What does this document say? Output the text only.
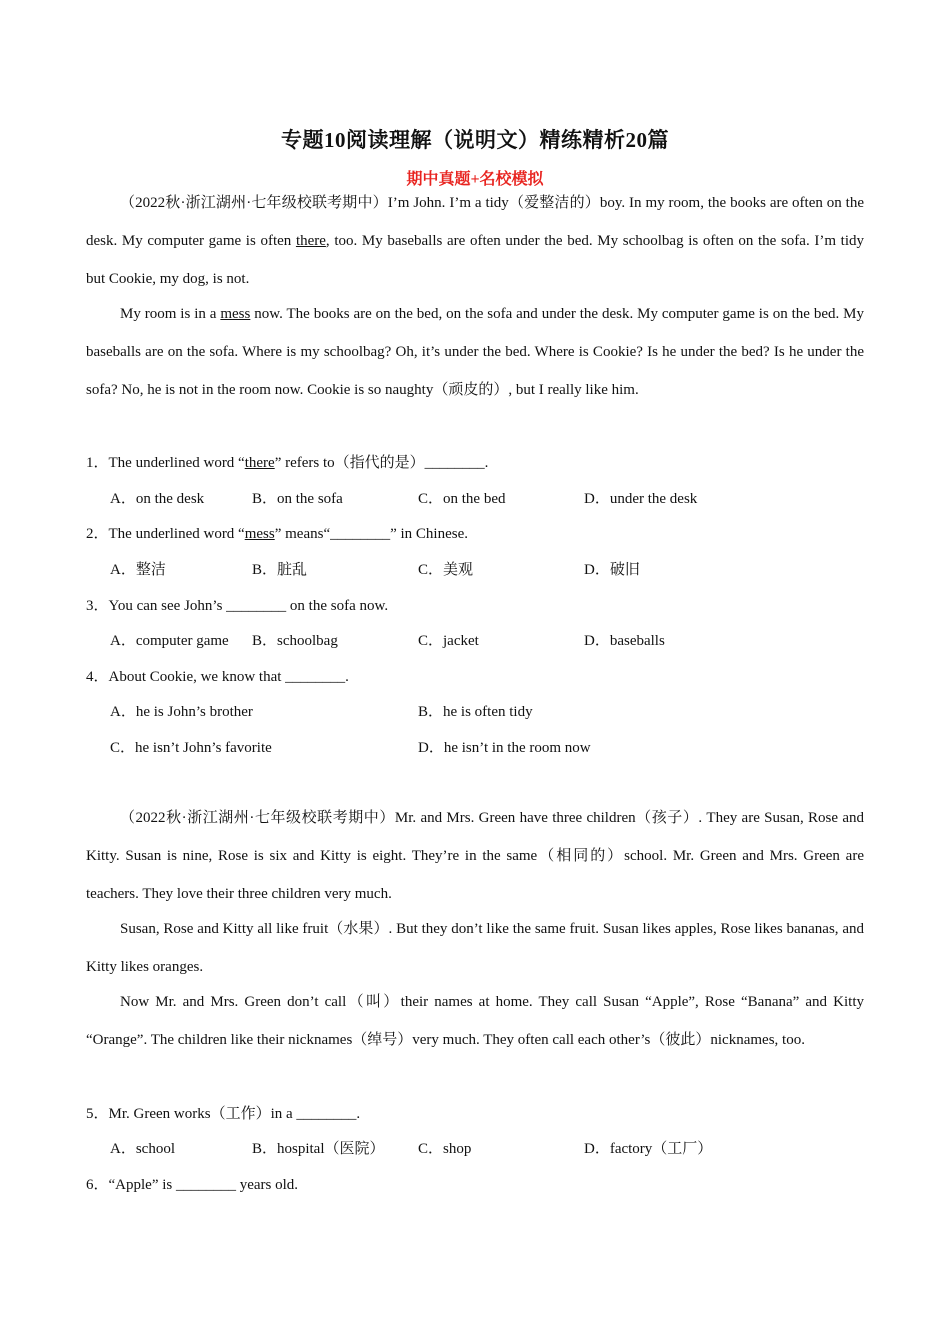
专题10阅读理解（说明文）精练精析20篇
期中真题+名校模拟

（2022秋·浙江湖州·七年级校联考期中）I’m John. I’m a tidy（爱整洁的）boy. In my room, the books are often on the desk. My computer game is often there, too. My baseballs are often under the bed. My schoolbag is often on the sofa. I’m tidy but Cookie, my dog, is not.

My room is in a mess now. The books are on the bed, on the sofa and under the desk. My computer game is on the bed. My baseballs are on the sofa. Where is my schoolbag? Oh, it’s under the bed. Where is Cookie? Is he under the bed? Is he under the sofa? No, he is not in the room now. Cookie is so naughty（顽皮的）, but I really like him.

1．The underlined word “there” refers to（指代的是）________.

A．on the desk	B．on the sofa	C．on the bed	D．under the desk

2．The underlined word “mess” means“________” in Chinese.

A．整洁	B．脏乱	C．美观	D．破旧

3．You can see John’s ________ on the sofa now.

A．computer game B．schoolbag	C．jacket	D．baseballs

4．About Cookie, we know that ________.

A．he is John’s brother	B．he is often tidy
C．he isn’t John’s favorite	D．he isn’t in the room now

（2022秋·浙江湖州·七年级校联考期中）Mr. and Mrs. Green have three children（孩子）. They are Susan, Rose and Kitty. Susan is nine, Rose is six and Kitty is eight. They’re in the same（相同的）school. Mr. Green and Mrs. Green are teachers. They love their three children very much.

Susan, Rose and Kitty all like fruit（水果）. But they don’t like the same fruit. Susan likes apples, Rose likes bananas, and Kitty likes oranges.

Now Mr. and Mrs. Green don’t call（叫）their names at home. They call Susan “Apple”, Rose “Banana” and Kitty “Orange”. The children like their nicknames（绰号）very much. They often call each other’s（彼此）nicknames, too.

5．Mr. Green works（工作）in a ________.

A．school	B．hospital（医院） C．shop	D．factory（工厂）

6．“Apple” is ________ years old.
